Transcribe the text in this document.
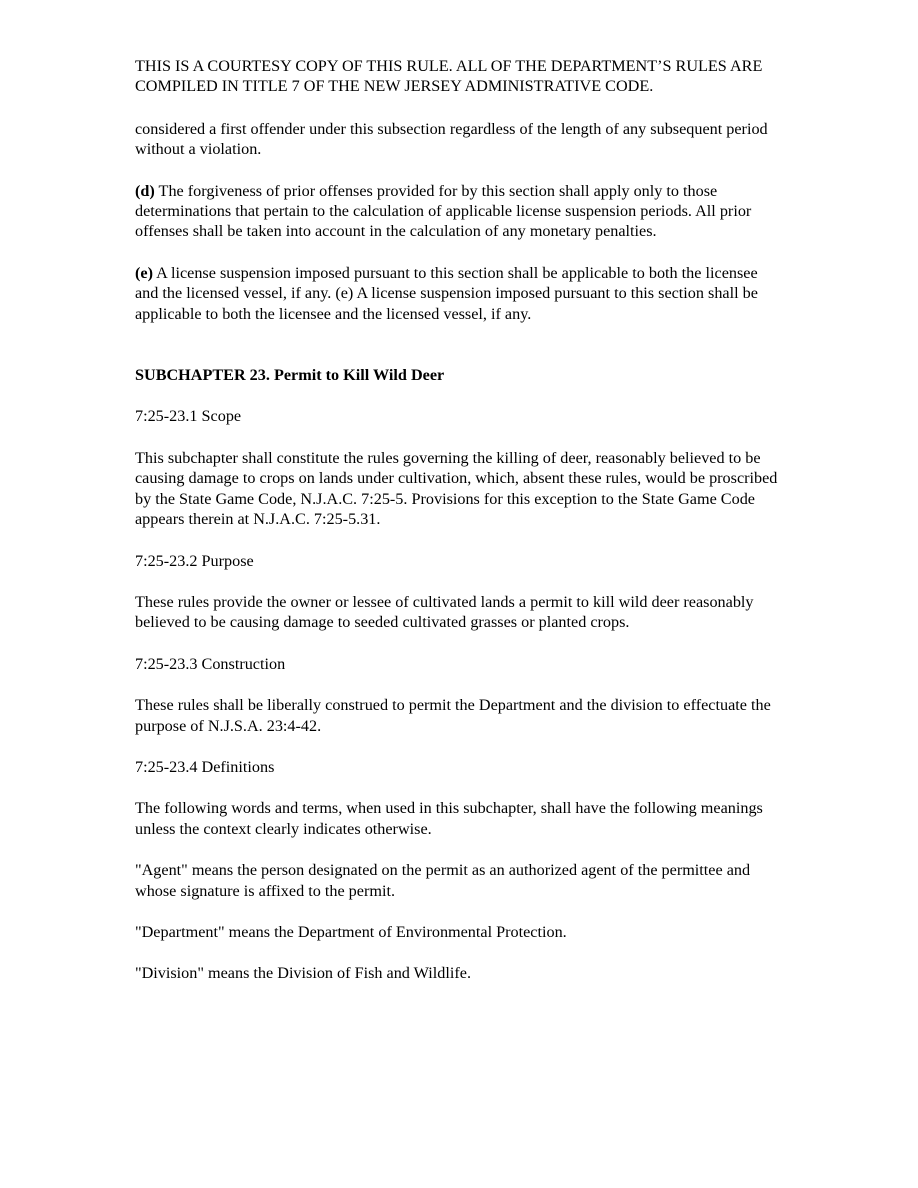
THIS IS A COURTESY COPY OF THIS RULE. ALL OF THE DEPARTMENT’S RULES ARE COMPILED IN TITLE 7 OF THE NEW JERSEY ADMINISTRATIVE CODE.

considered a first offender under this subsection regardless of the length of any subsequent period without a violation.

(d) The forgiveness of prior offenses provided for by this section shall apply only to those determinations that pertain to the calculation of applicable license suspension periods. All prior offenses shall be taken into account in the calculation of any monetary penalties.

(e) A license suspension imposed pursuant to this section shall be applicable to both the licensee and the licensed vessel, if any. (e) A license suspension imposed pursuant to this section shall be applicable to both the licensee and the licensed vessel, if any.

SUBCHAPTER 23. Permit to Kill Wild Deer

7:25-23.1 Scope

This subchapter shall constitute the rules governing the killing of deer, reasonably believed to be causing damage to crops on lands under cultivation, which, absent these rules, would be proscribed by the State Game Code, N.J.A.C. 7:25-5. Provisions for this exception to the State Game Code appears therein at N.J.A.C. 7:25-5.31.

7:25-23.2 Purpose

These rules provide the owner or lessee of cultivated lands a permit to kill wild deer reasonably believed to be causing damage to seeded cultivated grasses or planted crops.

7:25-23.3 Construction

These rules shall be liberally construed to permit the Department and the division to effectuate the purpose of N.J.S.A. 23:4-42.

7:25-23.4 Definitions

The following words and terms, when used in this subchapter, shall have the following meanings unless the context clearly indicates otherwise.

"Agent" means the person designated on the permit as an authorized agent of the permittee and whose signature is affixed to the permit.

"Department" means the Department of Environmental Protection.

"Division" means the Division of Fish and Wildlife.
